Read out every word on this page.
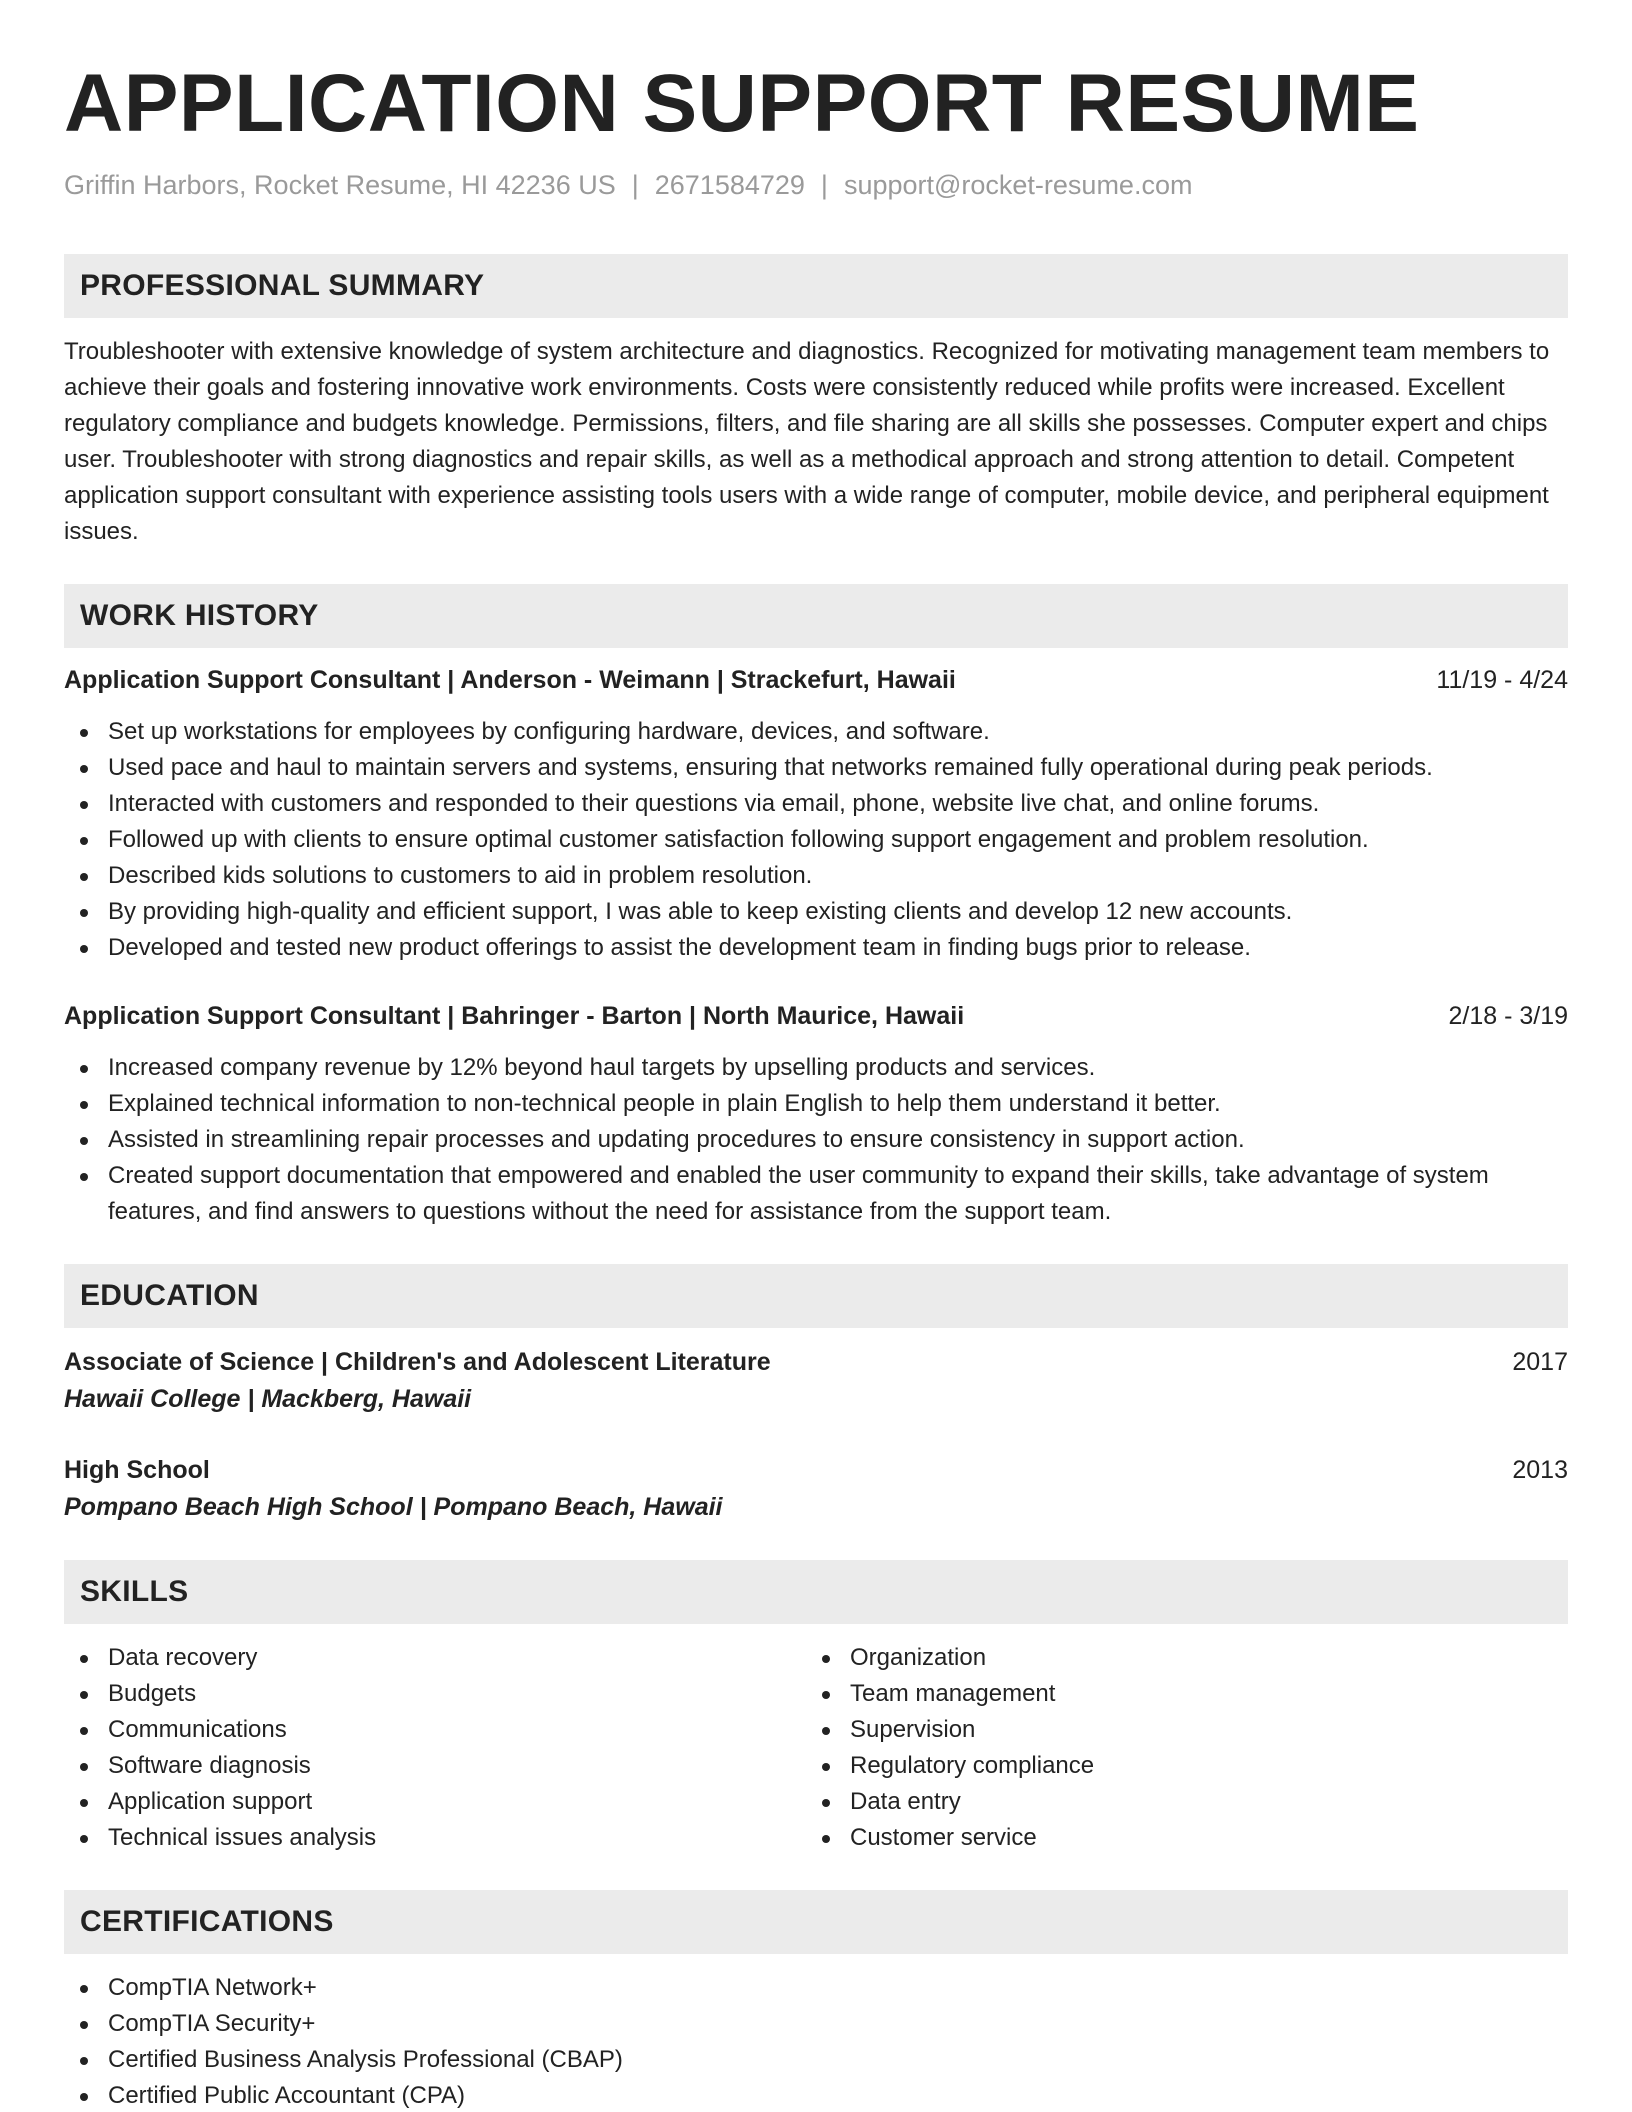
APPLICATION SUPPORT RESUME
Griffin Harbors, Rocket Resume, HI 42236 US | 2671584729 | support@rocket-resume.com
PROFESSIONAL SUMMARY

Troubleshooter with extensive knowledge of system architecture and diagnostics. Recognized for motivating management team members to achieve their goals and fostering innovative work environments. Costs were consistently reduced while profits were increased. Excellent regulatory compliance and budgets knowledge. Permissions, filters, and file sharing are all skills she possesses. Computer expert and chips user. Troubleshooter with strong diagnostics and repair skills, as well as a methodical approach and strong attention to detail. Competent application support consultant with experience assisting tools users with a wide range of computer, mobile device, and peripheral equipment issues.

WORK HISTORY
Application Support Consultant | Anderson - Weimann | Strackefurt, Hawaii	11/19 - 4/24
Set up workstations for employees by configuring hardware, devices, and software.
Used pace and haul to maintain servers and systems, ensuring that networks remained fully operational during peak periods.
Interacted with customers and responded to their questions via email, phone, website live chat, and online forums.
Followed up with clients to ensure optimal customer satisfaction following support engagement and problem resolution.
Described kids solutions to customers to aid in problem resolution.
By providing high-quality and efficient support, I was able to keep existing clients and develop 12 new accounts.
Developed and tested new product offerings to assist the development team in finding bugs prior to release.
Application Support Consultant | Bahringer - Barton | North Maurice, Hawaii	2/18 - 3/19
Increased company revenue by 12% beyond haul targets by upselling products and services.
Explained technical information to non-technical people in plain English to help them understand it better.
Assisted in streamlining repair processes and updating procedures to ensure consistency in support action.
Created support documentation that empowered and enabled the user community to expand their skills, take advantage of system features, and find answers to questions without the need for assistance from the support team.
EDUCATION
Associate of Science | Children's and Adolescent Literature	2017
Hawaii College | Mackberg, Hawaii
High School	2013
Pompano Beach High School | Pompano Beach, Hawaii
SKILLS
Data recovery
Budgets
Communications
Software diagnosis
Application support
Technical issues analysis
Organization
Team management
Supervision
Regulatory compliance
Data entry
Customer service
CERTIFICATIONS
CompTIA Network+
CompTIA Security+
Certified Business Analysis Professional (CBAP)
Certified Public Accountant (CPA)
